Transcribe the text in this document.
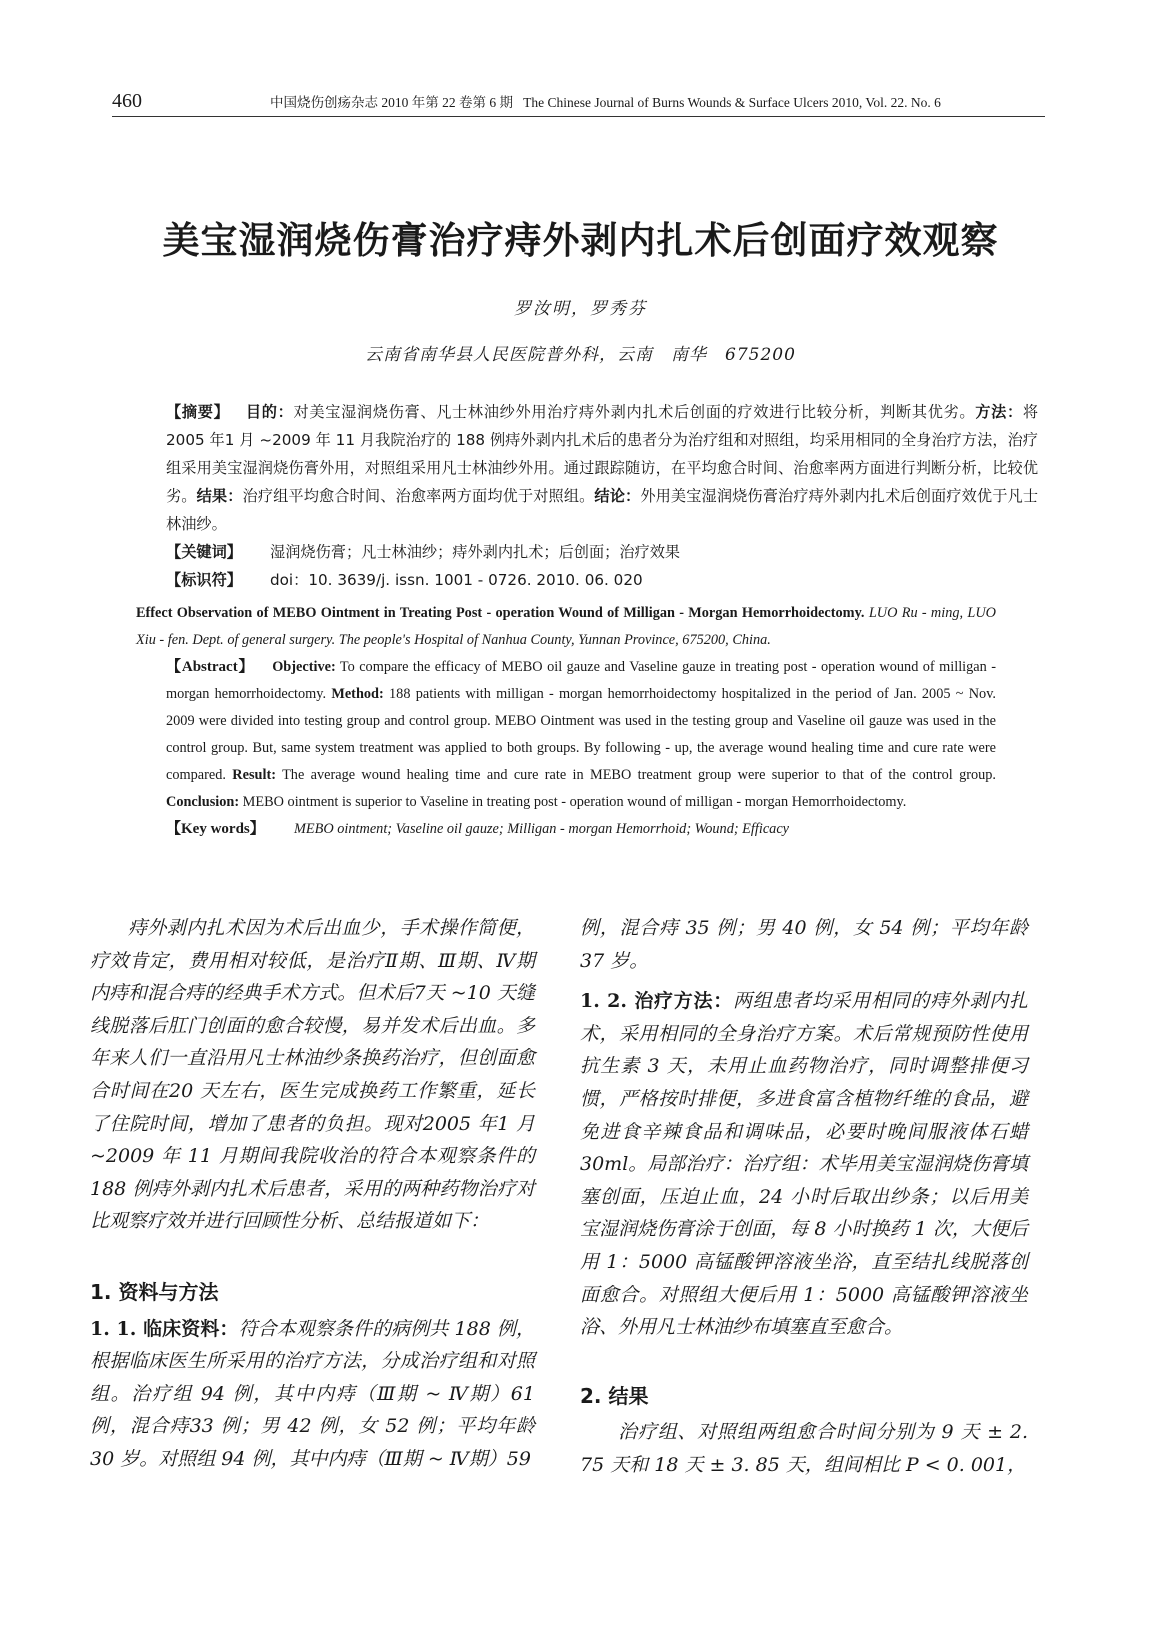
460	中国烧伤创疡杂志 2010 年第 22 卷第 6 期 The Chinese Journal of Burns Wounds & Surface Ulcers 2010, Vol. 22. No. 6
美宝湿润烧伤膏治疗痔外剥内扎术后创面疗效观察
罗汝明，罗秀芬
云南省南华县人民医院普外科，云南　南华　675200

【摘要】 目的：对美宝湿润烧伤膏、凡士林油纱外用治疗痔外剥内扎术后创面的疗效进行比较分析，判断其优劣。方法：将2005 年1 月 ~2009 年 11 月我院治疗的 188 例痔外剥内扎术后的患者分为治疗组和对照组，均采用相同的全身治疗方法，治疗组采用美宝湿润烧伤膏外用，对照组采用凡士林油纱外用。通过跟踪随访，在平均愈合时间、治愈率两方面进行判断分析，比较优劣。结果：治疗组平均愈合时间、治愈率两方面均优于对照组。结论：外用美宝湿润烧伤膏治疗痔外剥内扎术后创面疗效优于凡士林油纱。

【关键词】 湿润烧伤膏；凡士林油纱；痔外剥内扎术；后创面；治疗效果

【标识符】 doi：10. 3639/j. issn. 1001 - 0726. 2010. 06. 020

Effect Observation of MEBO Ointment in Treating Post - operation Wound of Milligan - Morgan Hemorrhoidectomy. LUO Ru - ming, LUO Xiu - fen. Dept. of general surgery. The people's Hospital of Nanhua County, Yunnan Province, 675200, China.

【Abstract】 Objective: To compare the efficacy of MEBO oil gauze and Vaseline gauze in treating post - operation wound of milligan - morgan hemorrhoidectomy. Method: 188 patients with milligan - morgan hemorrhoidectomy hospitalized in the period of Jan. 2005 ~ Nov. 2009 were divided into testing group and control group. MEBO Ointment was used in the testing group and Vaseline oil gauze was used in the control group. But, same system treatment was applied to both groups. By following - up, the average wound healing time and cure rate were compared. Result: The average wound healing time and cure rate in MEBO treatment group were superior to that of the control group. Conclusion: MEBO ointment is superior to Vaseline in treating post - operation wound of milligan - morgan Hemorrhoidectomy.

【Key words】 MEBO ointment; Vaseline oil gauze; Milligan - morgan Hemorrhoid; Wound; Efficacy

痔外剥内扎术因为术后出血少，手术操作简便，疗效肯定，费用相对较低，是治疗Ⅱ期、Ⅲ期、Ⅳ期内痔和混合痔的经典手术方式。但术后7天 ~10 天缝线脱落后肛门创面的愈合较慢，易并发术后出血。多年来人们一直沿用凡士林油纱条换药治疗，但创面愈合时间在20 天左右，医生完成换药工作繁重，延长了住院时间，增加了患者的负担。现对2005 年1 月 ~2009 年 11 月期间我院收治的符合本观察条件的 188 例痔外剥内扎术后患者，采用的两种药物治疗对比观察疗效并进行回顾性分析、总结报道如下：

1. 资料与方法

1. 1. 临床资料：符合本观察条件的病例共 188 例，根据临床医生所采用的治疗方法，分成治疗组和对照组。治疗组 94 例，其中内痔（Ⅲ期 ~ Ⅳ期）61 例，混合痔33 例；男 42 例，女 52 例；平均年龄 30 岁。对照组 94 例，其中内痔（Ⅲ期 ~ Ⅳ期）59

例，混合痔 35 例；男 40 例，女 54 例；平均年龄 37 岁。

1. 2. 治疗方法：两组患者均采用相同的痔外剥内扎术，采用相同的全身治疗方案。术后常规预防性使用抗生素 3 天，未用止血药物治疗，同时调整排便习惯，严格按时排便，多进食富含植物纤维的食品，避免进食辛辣食品和调味品，必要时晚间服液体石蜡 30ml。局部治疗：治疗组：术毕用美宝湿润烧伤膏填塞创面，压迫止血，24 小时后取出纱条；以后用美宝湿润烧伤膏涂于创面，每 8 小时换药 1 次，大便后用 1：5000 高锰酸钾溶液坐浴，直至结扎线脱落创面愈合。对照组大便后用 1：5000 高锰酸钾溶液坐浴、外用凡士林油纱布填塞直至愈合。

2. 结果

治疗组、对照组两组愈合时间分别为 9 天 ± 2. 75 天和 18 天 ± 3. 85 天，组间相比 P < 0. 001，
